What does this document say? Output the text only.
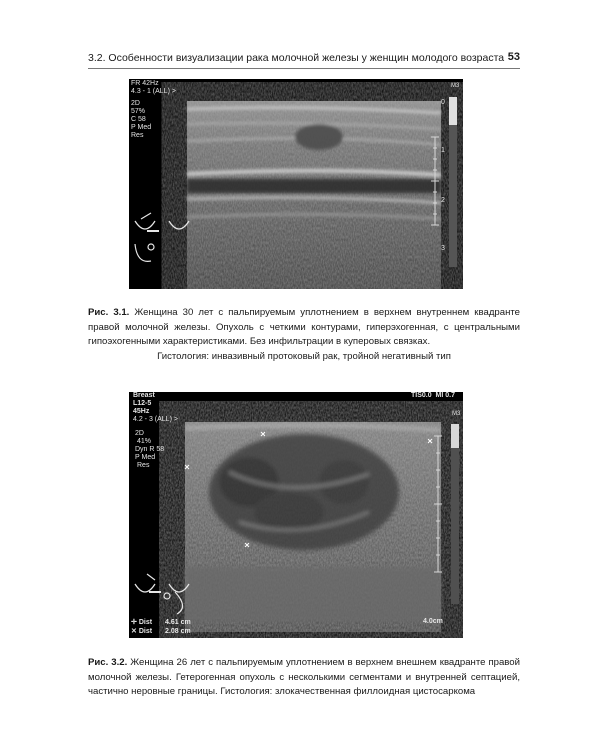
3.2. Особенности визуализации рака молочной железы у женщин молодого возраста 53
FR 42Hz
4.3 - 1 (ALL) >
2D
57%
C 58
P Med
Res
M3
0
1
2
3
Рис. 3.1. Женщина 30 лет с пальпируемым уплотнением в верхнем внутреннем квадранте правой молочной железы. Опухоль с четкими контурами, гиперэхогенная, с центральными гипоэхогенными характеристиками. Без инфильтрации в куперовых связках.
Гистология: инвазивный протоковый рак, тройной негативный тип
Breast
L12-5
45Hz
4.2 - 3 (ALL) >
2D
41%
Dyn R 58
P Med
Res
TIS0.0  MI 0.7
M3
4.0cm
✛ Dist 4.61 cm
✕ Dist 2.08 cm
Рис. 3.2. Женщина 26 лет с пальпируемым уплотнением в верхнем внешнем квадранте правой молочной железы. Гетерогенная опухоль с несколькими сегментами и внутренней септацией, частично неровные границы. Гистология: злокачественная филлоидная цистосаркома
